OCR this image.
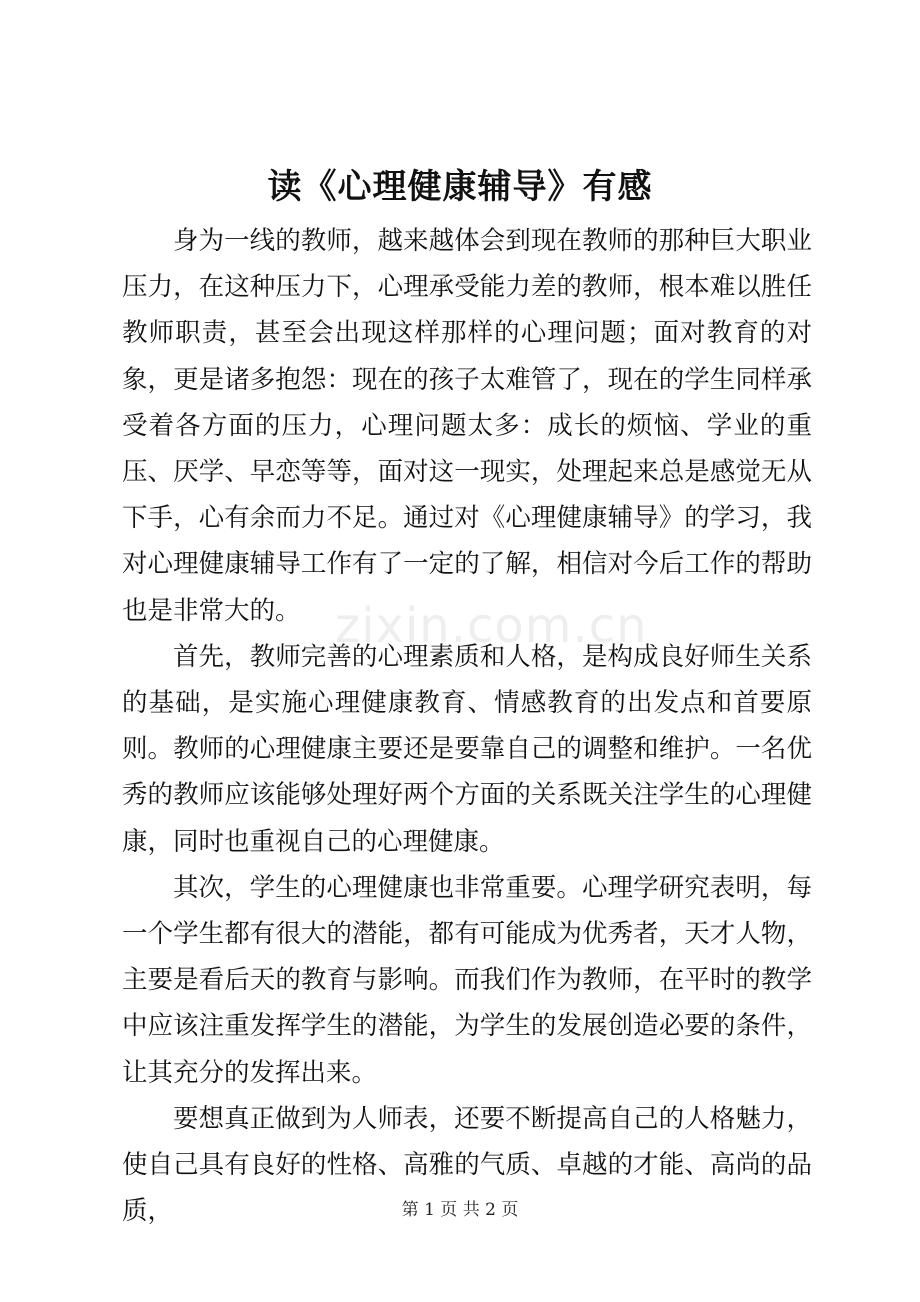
读《心理健康辅导》有感

身为一线的教师，越来越体会到现在教师的那种巨大职业压力，在这种压力下，心理承受能力差的教师，根本难以胜任教师职责，甚至会出现这样那样的心理问题；面对教育的对象，更是诸多抱怨：现在的孩子太难管了，现在的学生同样承受着各方面的压力，心理问题太多：成长的烦恼、学业的重压、厌学、早恋等等，面对这一现实，处理起来总是感觉无从下手，心有余而力不足。通过对《心理健康辅导》的学习，我对心理健康辅导工作有了一定的了解，相信对今后工作的帮助也是非常大的。

首先，教师完善的心理素质和人格，是构成良好师生关系的基础，是实施心理健康教育、情感教育的出发点和首要原则。教师的心理健康主要还是要靠自己的调整和维护。一名优秀的教师应该能够处理好两个方面的关系既关注学生的心理健康，同时也重视自己的心理健康。

其次，学生的心理健康也非常重要。心理学研究表明，每一个学生都有很大的潜能，都有可能成为优秀者，天才人物，主要是看后天的教育与影响。而我们作为教师，在平时的教学中应该注重发挥学生的潜能，为学生的发展创造必要的条件，让其充分的发挥出来。

要想真正做到为人师表，还要不断提高自己的人格魅力，使自己具有良好的性格、高雅的气质、卓越的才能、高尚的品质，

zixin.com.cn
第 1 页 共 2 页
